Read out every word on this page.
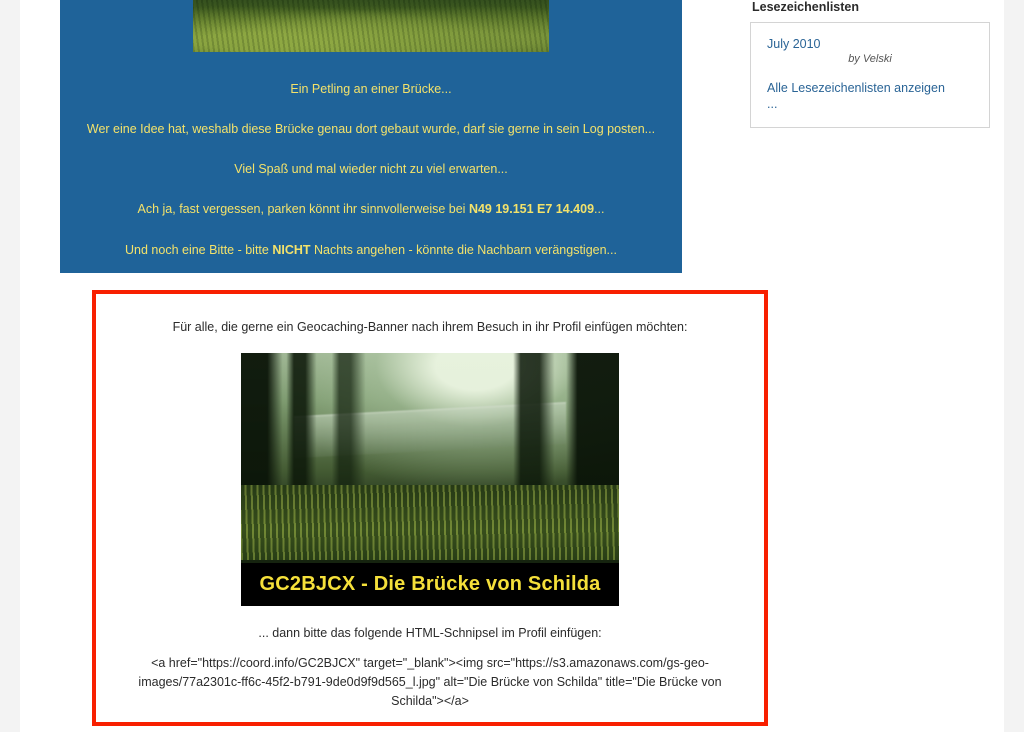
Ein Petling an einer Brücke...
Wer eine Idee hat, weshalb diese Brücke genau dort gebaut wurde, darf sie gerne in sein Log posten...
Viel Spaß und mal wieder nicht zu viel erwarten...
Ach ja, fast vergessen, parken könnt ihr sinnvollerweise bei N49 19.151 E7 14.409...
Und noch eine Bitte - bitte NICHT Nachts angehen - könnte die Nachbarn verängstigen...
Für alle, die gerne ein Geocaching-Banner nach ihrem Besuch in ihr Profil einfügen möchten:
GC2BJCX - Die Brücke von Schilda
... dann bitte das folgende HTML-Schnipsel im Profil einfügen:
<a href="https://coord.info/GC2BJCX" target="_blank"><img src="https://s3.amazonaws.com/gs-geo-images/77a2301c-ff6c-45f2-b791-9de0d9f9d565_l.jpg" alt="Die Brücke von Schilda" title="Die Brücke von Schilda"></a>
Lesezeichenlisten
July 2010
by Velski
Alle Lesezeichenlisten anzeigen
...
